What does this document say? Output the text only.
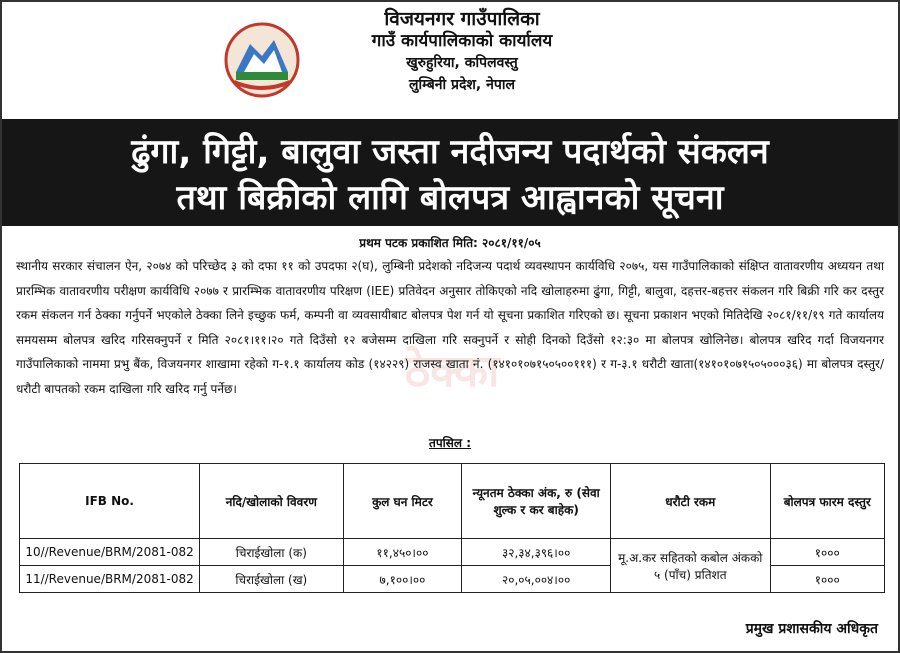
विजयनगर गाउँपालिका
गाउँ कार्यपालिकाको कार्यालय
खुरुहुरिया, कपिलवस्तु
लुम्बिनी प्रदेश, नेपाल
ढुंगा, गिट्टी, बालुवा जस्ता नदीजन्य पदार्थको संकलन
तथा बिक्रीको लागि बोलपत्र आह्वानको सूचना
प्रथम पटक प्रकाशित मिति: २०८१/११/०५
ठेक्का

स्थानीय सरकार संचालन ऐन, २०७४ को परिच्छेद ३ को दफा ११ को उपदफा २(घ), लुम्बिनी प्रदेशको नदिजन्य पदार्थ व्यवस्थापन कार्यविधि २०७५, यस गाउँपालिकाको संक्षिप्त वातावरणीय अध्ययन तथा प्रारम्भिक वातावरणीय परीक्षण कार्यविधि २०७७ र प्रारम्भिक वातावरणीय परिक्षण (IEE) प्रतिवेदन अनुसार तोकिएको नदि खोलाहरुमा ढुंगा, गिट्टी, बालुवा, दहत्तर-बहत्तर संकलन गरि बिक्री गरि कर दस्तुर रकम संकलन गर्न ठेक्का गर्नुपर्ने भएकोले ठेक्का लिने इच्छुक फर्म, कम्पनी वा व्यवसायीबाट बोलपत्र पेश गर्न यो सूचना प्रकाशित गरिएको छ। सूचना प्रकाशन भएको मितिदेखि २०८१/११/१९ गते कार्यालय समयसम्म बोलपत्र खरिद गरिसक्नुपर्ने र मिति २०८१।११।२० गते दिउँसो १२ बजेसम्म दाखिला गरि सक्नुपर्ने र सोही दिनको दिउँसो १२:३० मा बोलपत्र खोलिनेछ। बोलपत्र खरिद गर्दा विजयनगर गाउँपालिकाको नाममा प्रभु बैंक, विजयनगर शाखामा रहेको ग-१.१ कार्यालय कोड (१४२२९) राजस्व खाता नं. (१४१०१०७१५०५००१११) र ग-३.१ धरौटी खाता(१४१०१०७१५०५०००३६) मा बोलपत्र दस्तुर/ धरौटी बापतको रकम दाखिला गरि खरिद गर्नु पर्नेछ।

तपसिल :
IFB No.	नदि/खोलाको विवरण	कुल घन मिटर	न्यूनतम ठेक्का अंक, रु (सेवा शुल्क र कर बाहेक)	धरौटी रकम	बोलपत्र फारम दस्तुर
10//Revenue/BRM/2081-082	चिराईखोला (क)	११,४५०।००	३२,३४,३९६।००	मू.अ.कर सहितको कबोल अंकको ५ (पाँच) प्रतिशत	१०००
11//Revenue/BRM/2081-082	चिराईखोला (ख)	७,१००।००	२०,०५,००४।००		१०००
प्रमुख प्रशासकीय अधिकृत
